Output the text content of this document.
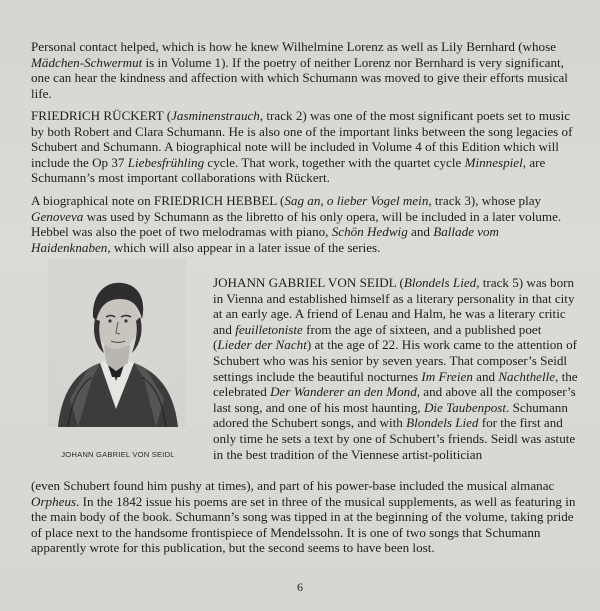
Personal contact helped, which is how he knew Wilhelmine Lorenz as well as Lily Bernhard (whose Mädchen-Schwermut is in Volume 1). If the poetry of neither Lorenz nor Bernhard is very significant, one can hear the kindness and affection with which Schumann was moved to give their efforts musical life.
FRIEDRICH RÜCKERT (Jasminenstrauch, track 2) was one of the most significant poets set to music by both Robert and Clara Schumann. He is also one of the important links between the song legacies of Schubert and Schumann. A biographical note will be included in Volume 4 of this Edition which will include the Op 37 Liebesfrühling cycle. That work, together with the quartet cycle Minnespiel, are Schumann’s most important collaborations with Rückert.
A biographical note on FRIEDRICH HEBBEL (Sag an, o lieber Vogel mein, track 3), whose play Genoveva was used by Schumann as the libretto of his only opera, will be included in a later volume. Hebbel was also the poet of two melodramas with piano, Schön Hedwig and Ballade vom Haidenknaben, which will also appear in a later issue of the series.
JOHANN GABRIEL VON SEIDL
JOHANN GABRIEL VON SEIDL (Blondels Lied, track 5) was born in Vienna and established himself as a literary personality in that city at an early age. A friend of Lenau and Halm, he was a literary critic and feuilletoniste from the age of sixteen, and a published poet (Lieder der Nacht) at the age of 22. His work came to the attention of Schubert who was his senior by seven years. That composer’s Seidl settings include the beautiful nocturnes Im Freien and Nachthelle, the celebrated Der Wanderer an den Mond, and above all the composer’s last song, and one of his most haunting, Die Taubenpost. Schumann adored the Schubert songs, and with Blondels Lied for the first and only time he sets a text by one of Schubert’s friends. Seidl was astute in the best tradition of the Viennese artist-politician
(even Schubert found him pushy at times), and part of his power-base included the musical almanac Orpheus. In the 1842 issue his poems are set in three of the musical supplements, as well as featuring in the main body of the book. Schumann’s song was tipped in at the beginning of the volume, taking pride of place next to the handsome frontispiece of Mendelssohn. It is one of two songs that Schumann apparently wrote for this publication, but the second seems to have been lost.
6
